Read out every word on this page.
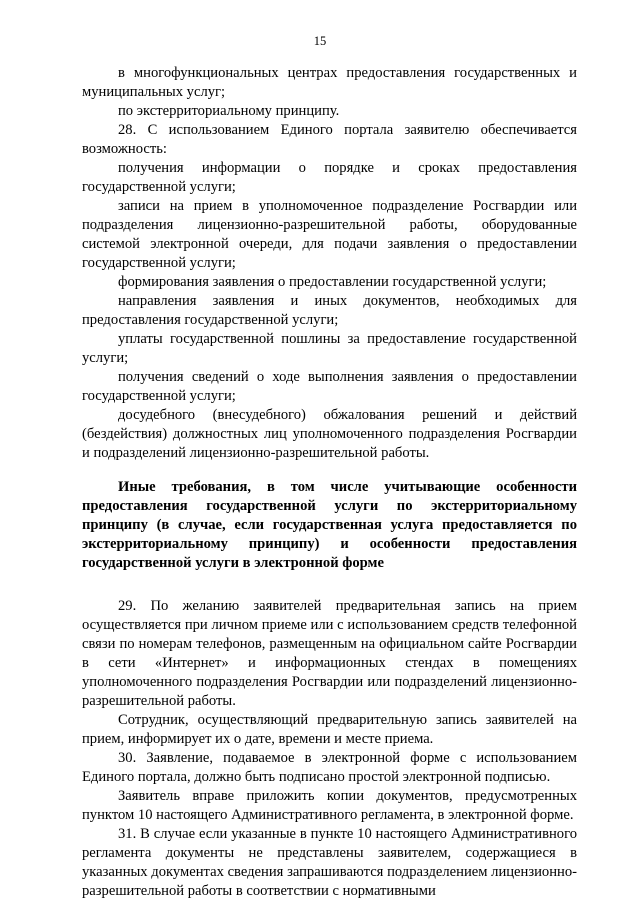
15

в многофункциональных центрах предоставления государственных и муниципальных услуг;

по экстерриториальному принципу.

28. С использованием Единого портала заявителю обеспечивается возможность:

получения информации о порядке и сроках предоставления государственной услуги;

записи на прием в уполномоченное подразделение Росгвардии или подразделения лицензионно-разрешительной работы, оборудованные системой электронной очереди, для подачи заявления о предоставлении государственной услуги;

формирования заявления о предоставлении государственной услуги;

направления заявления и иных документов, необходимых для предоставления государственной услуги;

уплаты государственной пошлины за предоставление государственной услуги;

получения сведений о ходе выполнения заявления о предоставлении государственной услуги;

досудебного (внесудебного) обжалования решений и действий (бездействия) должностных лиц уполномоченного подразделения Росгвардии и подразделений лицензионно-разрешительной работы.

Иные требования, в том числе учитывающие особенности предоставления государственной услуги по экстерриториальному принципу (в случае, если государственная услуга предоставляется по экстерриториальному принципу) и особенности предоставления государственной услуги в электронной форме

29. По желанию заявителей предварительная запись на прием осуществляется при личном приеме или с использованием средств телефонной связи по номерам телефонов, размещенным на официальном сайте Росгвардии в сети «Интернет» и информационных стендах в помещениях уполномоченного подразделения Росгвардии или подразделений лицензионно-разрешительной работы.

Сотрудник, осуществляющий предварительную запись заявителей на прием, информирует их о дате, времени и месте приема.

30. Заявление, подаваемое в электронной форме с использованием Единого портала, должно быть подписано простой электронной подписью.

Заявитель вправе приложить копии документов, предусмотренных пунктом 10 настоящего Административного регламента, в электронной форме.

31. В случае если указанные в пункте 10 настоящего Административного регламента документы не представлены заявителем, содержащиеся в указанных документах сведения запрашиваются подразделением лицензионно-разрешительной работы в соответствии с нормативными
